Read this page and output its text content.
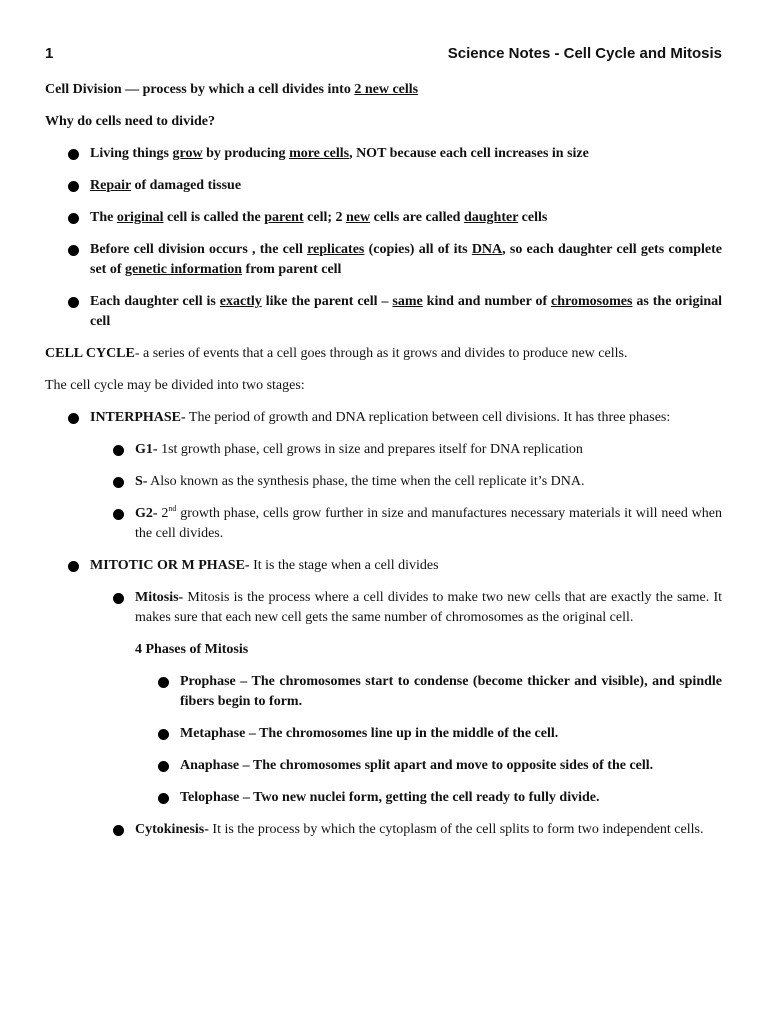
1	Science Notes - Cell Cycle and Mitosis

Cell Division — process by which a cell divides into 2 new cells

Why do cells need to divide?

Living things grow by producing more cells, NOT because each cell increases in size
Repair of damaged tissue
The original cell is called the parent cell; 2 new cells are called daughter cells
Before cell division occurs , the cell replicates (copies) all of its DNA, so each daughter cell gets complete set of genetic information from parent cell
Each daughter cell is exactly like the parent cell – same kind and number of chromosomes as the original cell

CELL CYCLE- a series of events that a cell goes through as it grows and divides to produce new cells.

The cell cycle may be divided into two stages:

INTERPHASE- The period of growth and DNA replication between cell divisions. It has three phases:
G1- 1st growth phase, cell grows in size and prepares itself for DNA replication
S- Also known as the synthesis phase, the time when the cell replicate it’s DNA.
G2- 2nd growth phase, cells grow further in size and manufactures necessary materials it will need when the cell divides.
MITOTIC OR M PHASE- It is the stage when a cell divides
Mitosis- Mitosis is the process where a cell divides to make two new cells that are exactly the same. It makes sure that each new cell gets the same number of chromosomes as the original cell.
4 Phases of Mitosis
Prophase – The chromosomes start to condense (become thicker and visible), and spindle fibers begin to form.
Metaphase – The chromosomes line up in the middle of the cell.
Anaphase – The chromosomes split apart and move to opposite sides of the cell.
Telophase – Two new nuclei form, getting the cell ready to fully divide.
Cytokinesis- It is the process by which the cytoplasm of the cell splits to form two independent cells.
